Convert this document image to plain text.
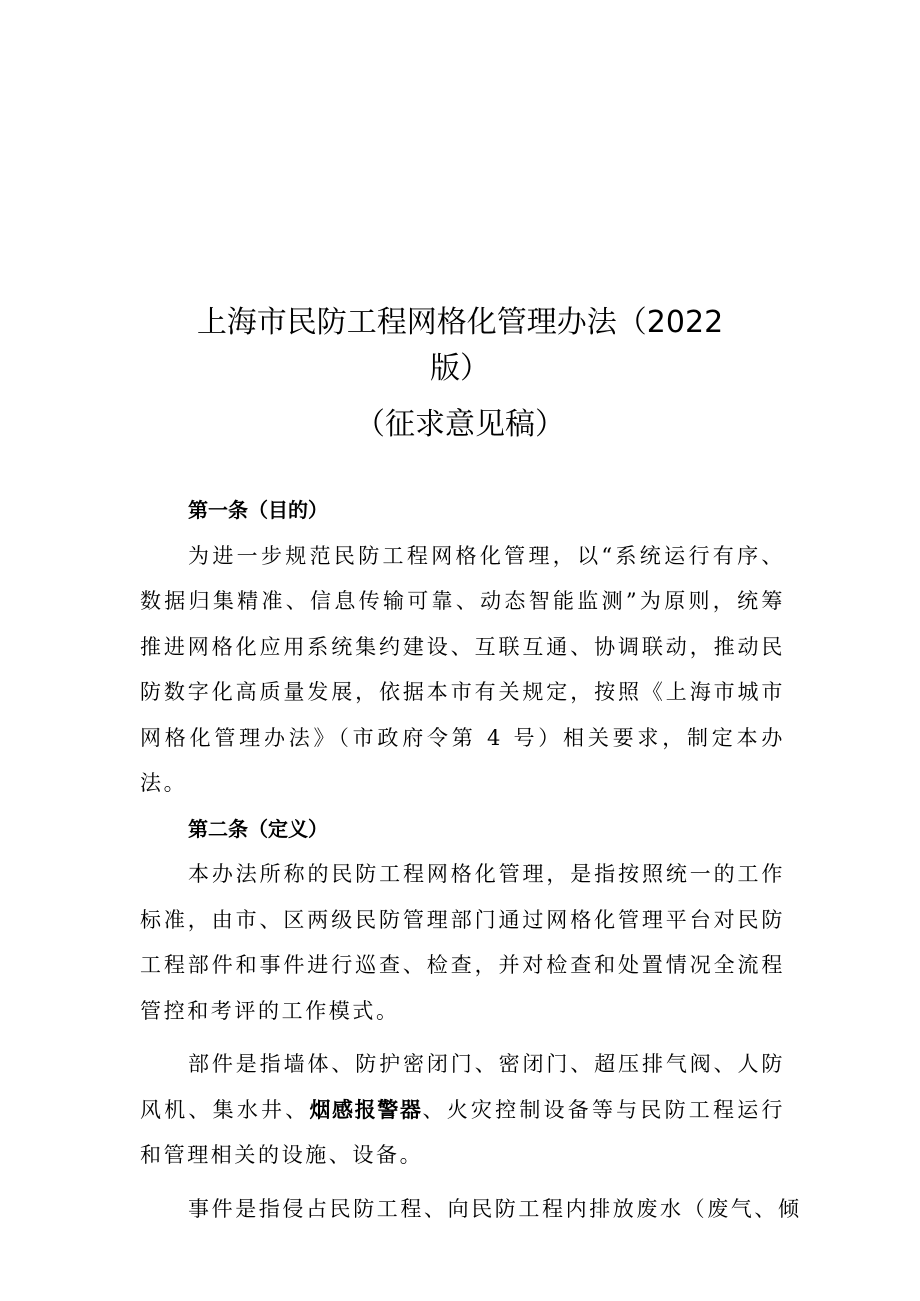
上海市民防工程网格化管理办法（2022
版）
（征求意见稿）
第一条（目的）
为进一步规范民防工程网格化管理，以“系统运行有序、数据归集精准、信息传输可靠、动态智能监测”为原则，统筹推进网格化应用系统集约建设、互联互通、协调联动，推动民防数字化高质量发展，依据本市有关规定，按照《上海市城市网格化管理办法》（市政府令第 4 号）相关要求，制定本办法。
第二条（定义）
本办法所称的民防工程网格化管理，是指按照统一的工作标准，由市、区两级民防管理部门通过网格化管理平台对民防工程部件和事件进行巡查、检查，并对检查和处置情况全流程管控和考评的工作模式。
部件是指墙体、防护密闭门、密闭门、超压排气阀、人防风机、集水井、烟感报警器、火灾控制设备等与民防工程运行和管理相关的设施、设备。
事件是指侵占民防工程、向民防工程内排放废水（废气、倾
